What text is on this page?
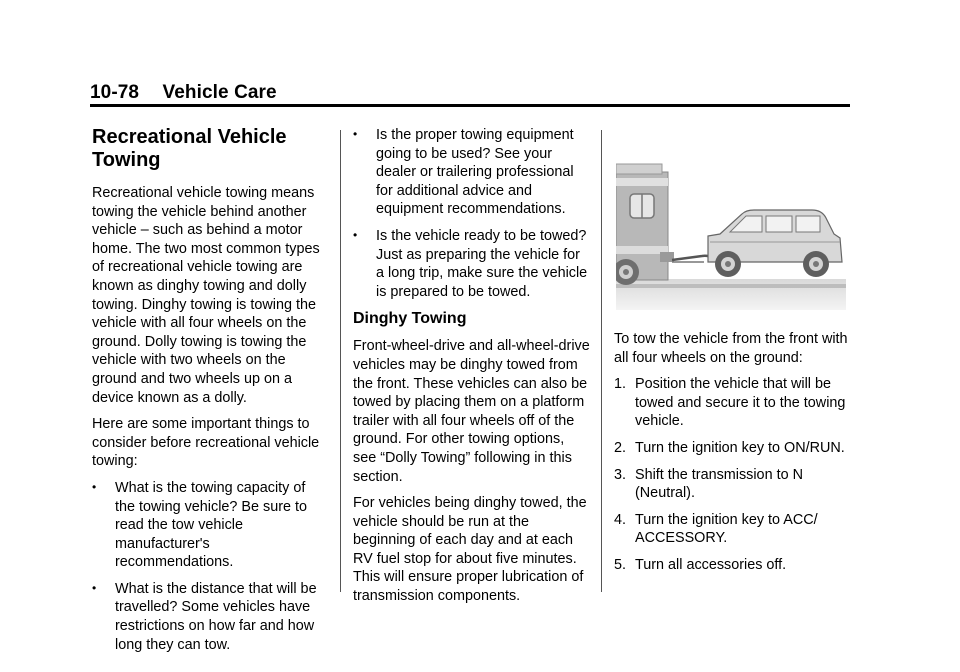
10-78 Vehicle Care
Recreational Vehicle Towing

Recreational vehicle towing means towing the vehicle behind another vehicle – such as behind a motor home. The two most common types of recreational vehicle towing are known as dinghy towing and dolly towing. Dinghy towing is towing the vehicle with all four wheels on the ground. Dolly towing is towing the vehicle with two wheels on the ground and two wheels up on a device known as a dolly.

Here are some important things to consider before recreational vehicle towing:

• What is the towing capacity of the towing vehicle? Be sure to read the tow vehicle manufacturer's recommendations.
• What is the distance that will be travelled? Some vehicles have restrictions on how far and how long they can tow.
• Is the proper towing equipment going to be used? See your dealer or trailering professional for additional advice and equipment recommendations.
• Is the vehicle ready to be towed? Just as preparing the vehicle for a long trip, make sure the vehicle is prepared to be towed.
Dinghy Towing

Front-wheel-drive and all-wheel-drive vehicles may be dinghy towed from the front. These vehicles can also be towed by placing them on a platform trailer with all four wheels off of the ground. For other towing options, see “Dolly Towing” following in this section.

For vehicles being dinghy towed, the vehicle should be run at the beginning of each day and at each RV fuel stop for about five minutes. This will ensure proper lubrication of transmission components.

To tow the vehicle from the front with all four wheels on the ground:

1. Position the vehicle that will be towed and secure it to the towing vehicle.
2. Turn the ignition key to ON/RUN.
3. Shift the transmission to N (Neutral).
4. Turn the ignition key to ACC/ ACCESSORY.
5. Turn all accessories off.
